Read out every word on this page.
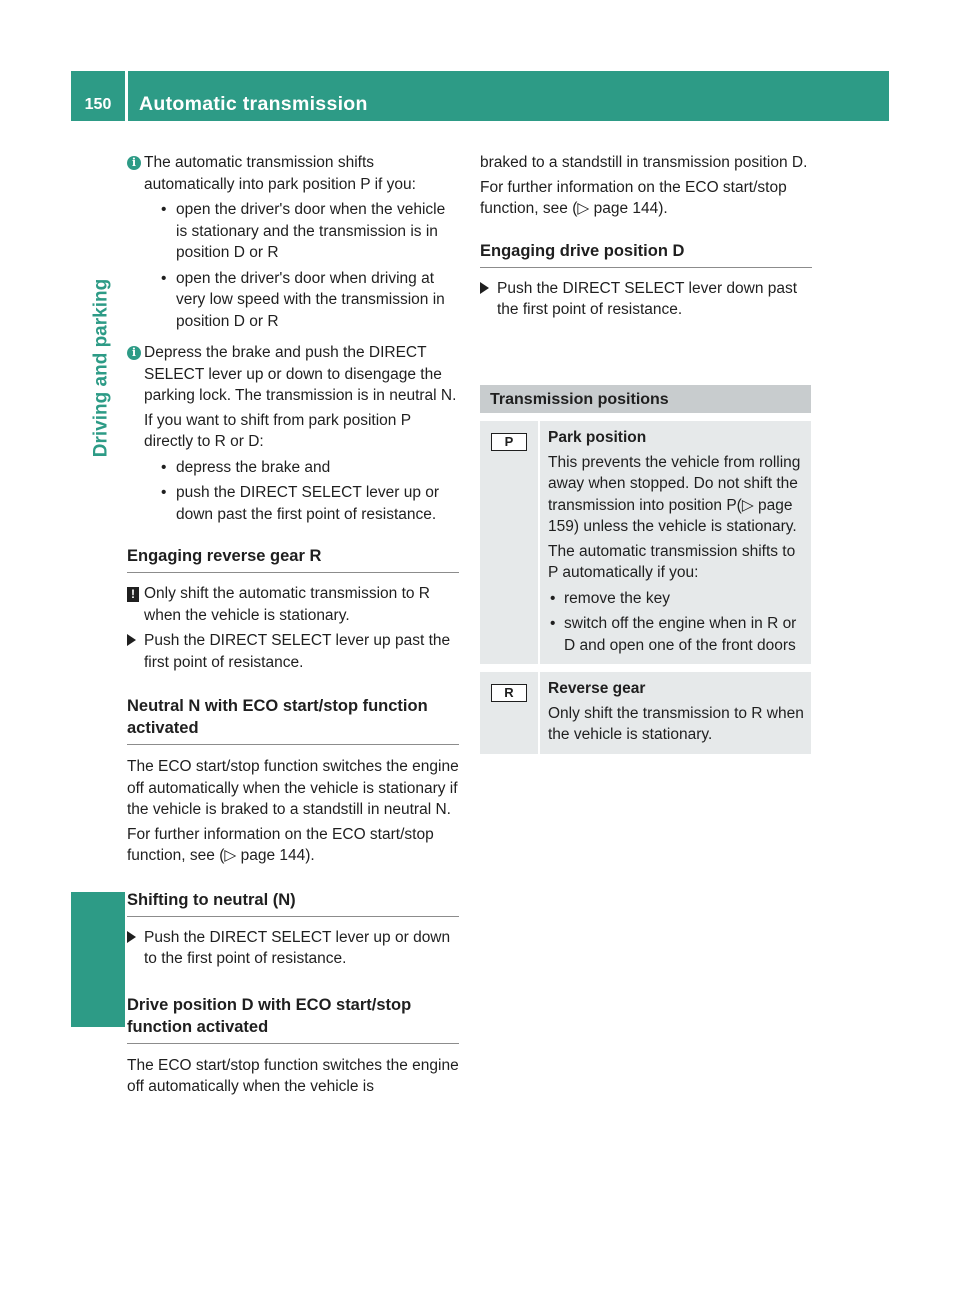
150	Automatic transmission
Driving and parking
i The automatic transmission shifts automatically into park position P if you:

• open the driver's door when the vehicle is stationary and the transmission is in position D or R

• open the driver's door when driving at very low speed with the transmission in position D or R

i Depress the brake and push the DIRECT SELECT lever up or down to disengage the parking lock. The transmission is in neutral N.

If you want to shift from park position P directly to R or D:

• depress the brake and

• push the DIRECT SELECT lever up or down past the first point of resistance.

Engaging reverse gear R
! Only shift the automatic transmission to R when the vehicle is stationary.

Push the DIRECT SELECT lever up past the first point of resistance.

Neutral N with ECO start/stop function activated

The ECO start/stop function switches the engine off automatically when the vehicle is stationary if the vehicle is braked to a standstill in neutral N.

For further information on the ECO start/stop function, see (▷ page 144).

Shifting to neutral (N)

Push the DIRECT SELECT lever up or down to the first point of resistance.

Drive position D with ECO start/stop function activated

The ECO start/stop function switches the engine off automatically when the vehicle is

braked to a standstill in transmission position D.

For further information on the ECO start/stop function, see (▷ page 144).

Engaging drive position D

Push the DIRECT SELECT lever down past the first point of resistance.

Transmission positions
P	Park position

This prevents the vehicle from rolling away when stopped. Do not shift the transmission into position P(▷ page 159) unless the vehicle is stationary.

The automatic transmission shifts to P automatically if you:

• remove the key

• switch off the engine when in R or D and open one of the front doors

R	Reverse gear

Only shift the transmission to R when the vehicle is stationary.
